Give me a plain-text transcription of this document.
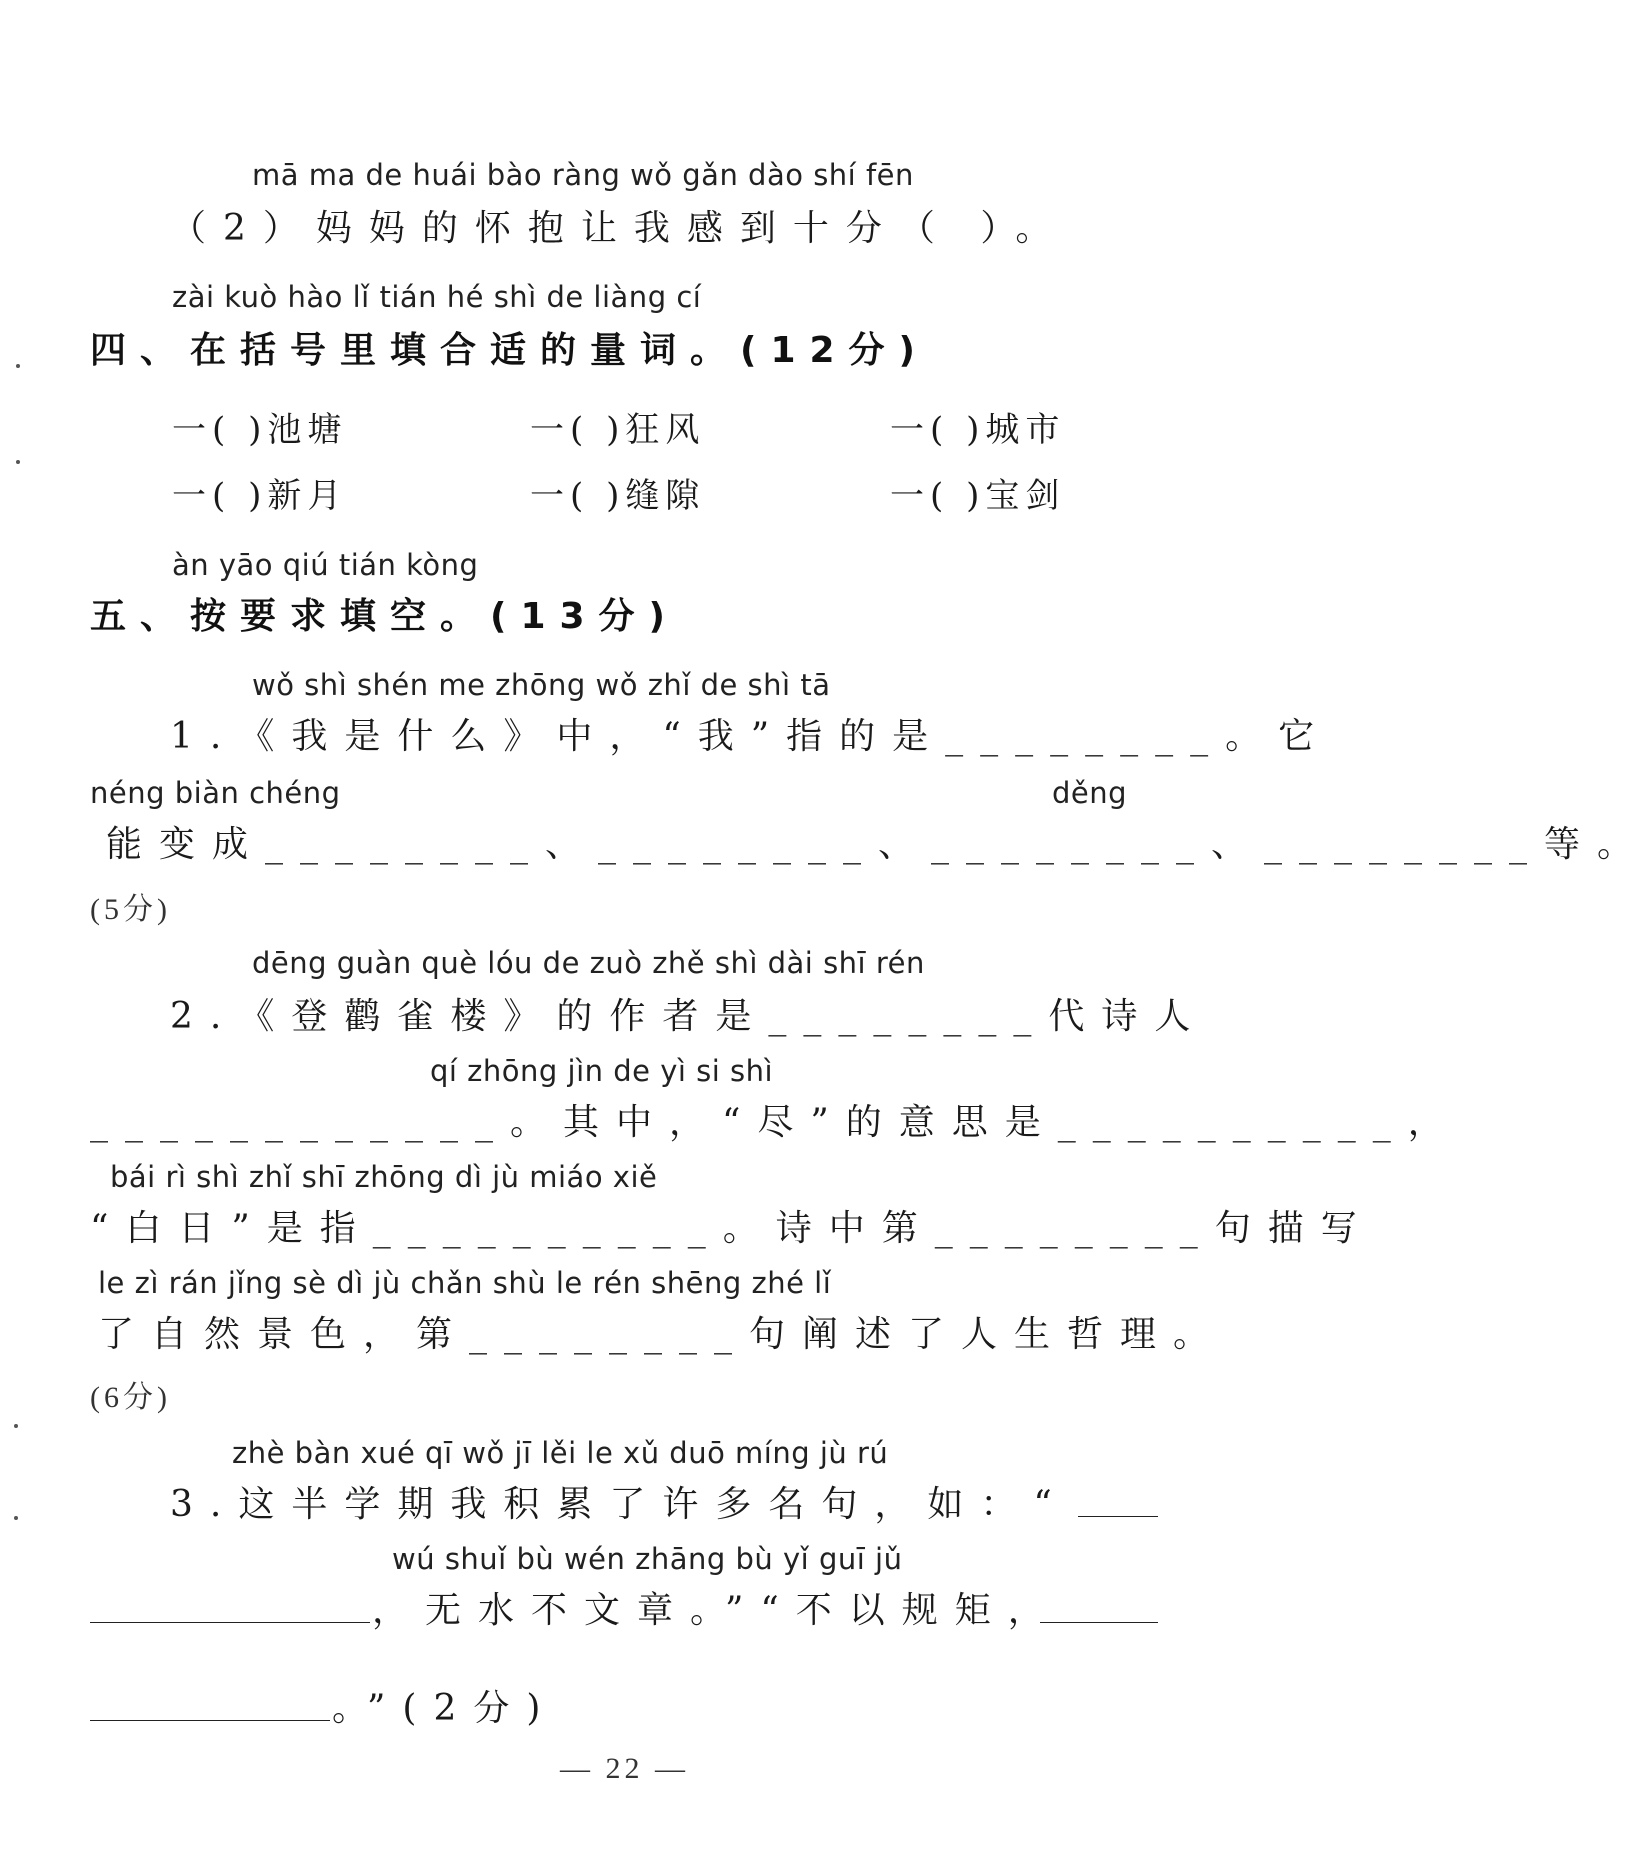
mā ma de huái bào ràng wǒ gǎn dào shí fēn
（2）妈妈的怀抱让我感到十分（ ）。
zài kuò hào lǐ tián hé shì de liàng cí
四、在括号里填合适的量词。(12分)
一( )池塘	一( )狂风	一( )城市
一( )新月	一( )缝隙	一( )宝剑
àn yāo qiú tián kòng
五、按要求填空。(13分)
wǒ shì shén me zhōng wǒ zhǐ de shì tā
1.《我是什么》中，“我”指的是________。它
néng biàn chéng	děng
能变成________、________、________、________等。
(5分)
dēng guàn què lóu de zuò zhě shì dài shī rén
2.《登鹳雀楼》的作者是________代诗人
qí zhōng jìn de yì si shì
____________。其中，“尽”的意思是__________，
bái rì shì zhǐ shī zhōng dì jù miáo xiě
“白日”是指__________。诗中第________句描写
le zì rán jǐng sè dì jù chǎn shù le rén shēng zhé lǐ
了自然景色，第________句阐述了人生哲理。
(6分)
zhè bàn xué qī wǒ jī lěi le xǔ duō míng jù rú
3.这半学期我积累了许多名句，如：“
wú shuǐ bù wén zhāng bù yǐ guī jǔ
，无水不文章。”“不以规矩，
。”(2分)
— 22 —
